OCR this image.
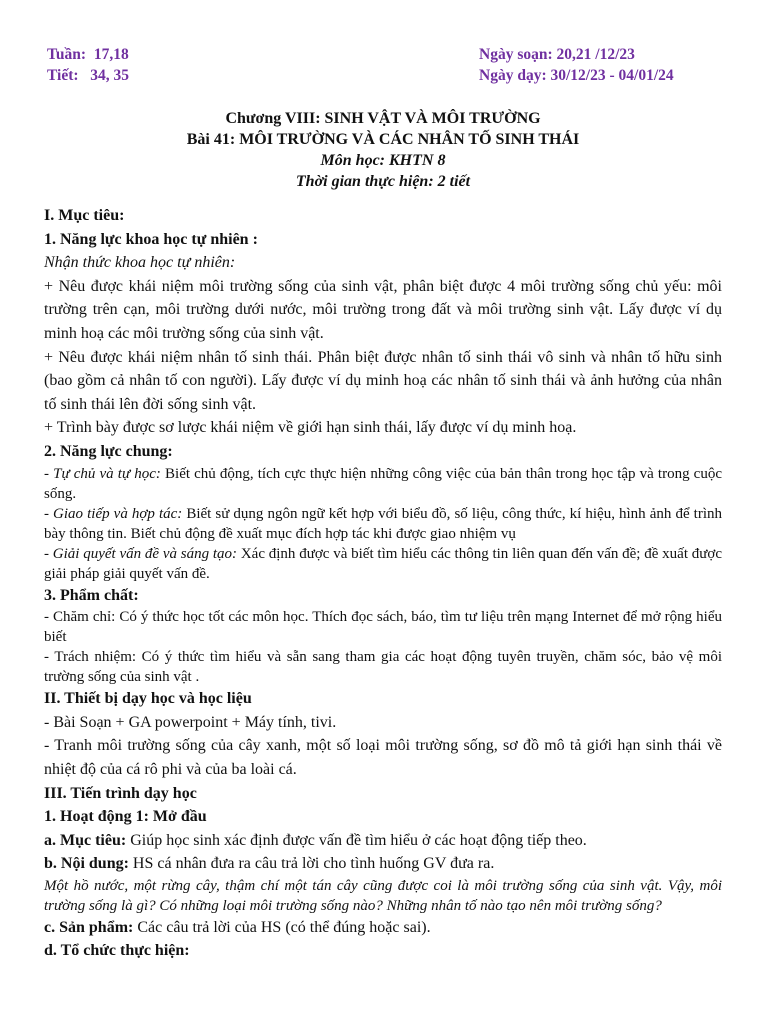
Tuần: 17,18
Tiết: 34, 35
Ngày soạn: 20,21 /12/23
Ngày dạy: 30/12/23 - 04/01/24
Chương VIII: SINH VẬT VÀ MÔI TRƯỜNG
Bài 41: MÔI TRƯỜNG VÀ CÁC NHÂN TỐ SINH THÁI
Môn học: KHTN 8
Thời gian thực hiện: 2 tiết

I. Mục tiêu:

1. Năng lực khoa học tự nhiên :

Nhận thức khoa học tự nhiên:

+ Nêu được khái niệm môi trường sống của sinh vật, phân biệt được 4 môi trường sống chủ yếu: môi trường trên cạn, môi trường dưới nước, môi trường trong đất và môi trường sinh vật. Lấy được ví dụ minh hoạ các môi trường sống của sinh vật.

+ Nêu được khái niệm nhân tố sinh thái. Phân biệt được nhân tố sinh thái vô sinh và nhân tố hữu sinh (bao gồm cả nhân tố con người). Lấy được ví dụ minh hoạ các nhân tố sinh thái và ảnh hưởng của nhân tố sinh thái lên đời sống sinh vật.

+ Trình bày được sơ lược khái niệm về giới hạn sinh thái, lấy được ví dụ minh hoạ.

2. Năng lực chung:

- Tự chủ và tự học: Biết chủ động, tích cực thực hiện những công việc của bản thân trong học tập và trong cuộc sống.

- Giao tiếp và hợp tác: Biết sử dụng ngôn ngữ kết hợp với biểu đồ, số liệu, công thức, kí hiệu, hình ảnh để trình bày thông tin. Biết chủ động đề xuất mục đích hợp tác khi được giao nhiệm vụ

- Giải quyết vấn đề và sáng tạo: Xác định được và biết tìm hiểu các thông tin liên quan đến vấn đề; đề xuất được giải pháp giải quyết vấn đề.

3. Phẩm chất:

- Chăm chỉ: Có ý thức học tốt các môn học. Thích đọc sách, báo, tìm tư liệu trên mạng Internet để mở rộng hiểu biết

- Trách nhiệm: Có ý thức tìm hiểu và sẵn sang tham gia các hoạt động tuyên truyền, chăm sóc, bảo vệ môi trường sống của sinh vật .

II. Thiết bị dạy học và học liệu

- Bài Soạn + GA powerpoint + Máy tính, tivi.

- Tranh môi trường sống của cây xanh, một số loại môi trường sống, sơ đồ mô tả giới hạn sinh thái về nhiệt độ của cá rô phi và của ba loài cá.

III. Tiến trình dạy học

1. Hoạt động 1: Mở đầu

a. Mục tiêu: Giúp học sinh xác định được vấn đề tìm hiểu ở các hoạt động tiếp theo.

b. Nội dung: HS cá nhân đưa ra câu trả lời cho tình huống GV đưa ra.

Một hồ nước, một rừng cây, thậm chí một tán cây cũng được coi là môi trường sống của sinh vật. Vậy, môi trường sống là gì? Có những loại môi trường sống nào? Những nhân tố nào tạo nên môi trường sống?

c. Sản phẩm: Các câu trả lời của HS (có thể đúng hoặc sai).

d. Tổ chức thực hiện:
